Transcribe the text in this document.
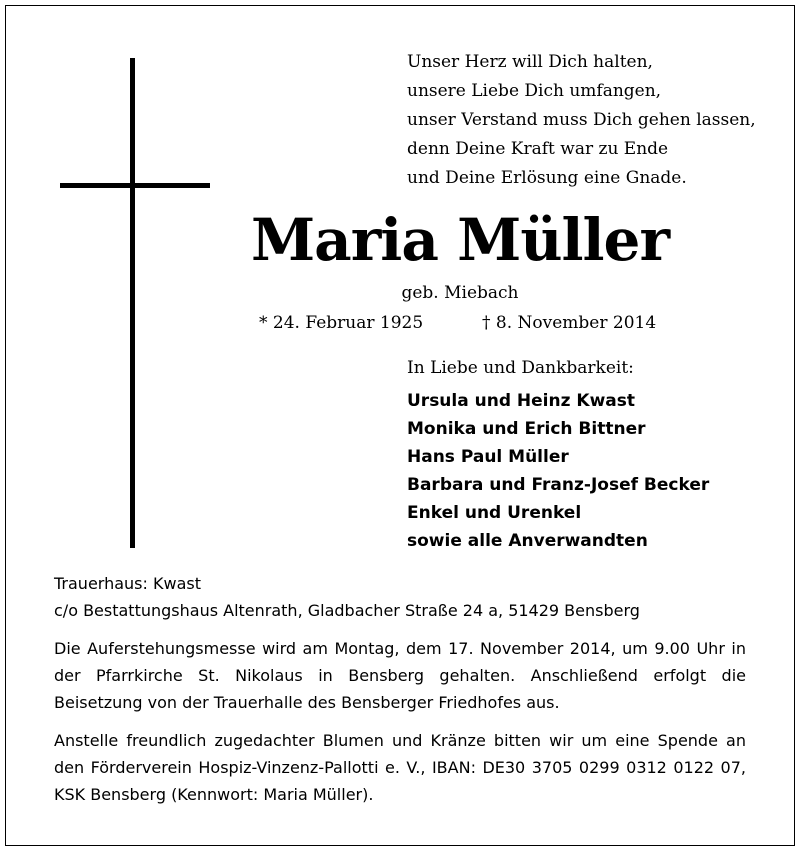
Unser Herz will Dich halten,
unsere Liebe Dich umfangen,
unser Verstand muss Dich gehen lassen,
denn Deine Kraft war zu Ende
und Deine Erlösung eine Gnade.
Maria Müller
geb. Miebach
* 24. Februar 1925	† 8. November 2014
In Liebe und Dankbarkeit:
Ursula und Heinz Kwast
Monika und Erich Bittner
Hans Paul Müller
Barbara und Franz-Josef Becker
Enkel und Urenkel
sowie alle Anverwandten
Trauerhaus: Kwast
c/o Bestattungshaus Altenrath, Gladbacher Straße 24 a, 51429 Bensberg
Die Auferstehungsmesse wird am Montag, dem 17. November 2014, um 9.00 Uhr in der Pfarrkirche St. Nikolaus in Bensberg gehalten. Anschließend erfolgt die Beisetzung von der Trauerhalle des Bensberger Friedhofes aus.
Anstelle freundlich zugedachter Blumen und Kränze bitten wir um eine Spende an den Förderverein Hospiz-Vinzenz-Pallotti e. V., IBAN: DE30 3705 0299 0312 0122 07, KSK Bensberg (Kennwort: Maria Müller).
